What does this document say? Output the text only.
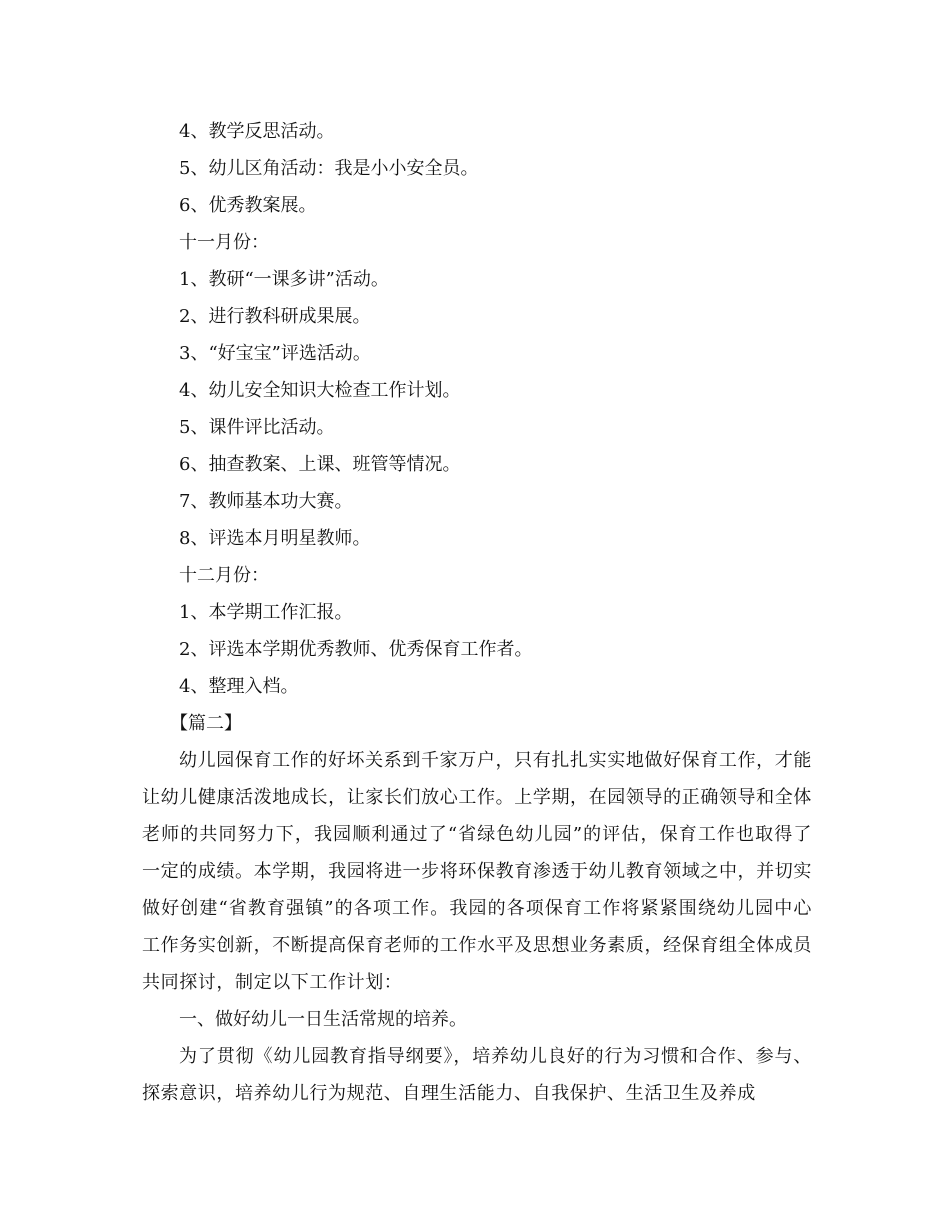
4、教学反思活动。
5、幼儿区角活动：我是小小安全员。
6、优秀教案展。
十一月份：
1、教研“一课多讲”活动。
2、进行教科研成果展。
3、“好宝宝”评选活动。
4、幼儿安全知识大检查工作计划。
5、课件评比活动。
6、抽查教案、上课、班管等情况。
7、教师基本功大赛。
8、评选本月明星教师。
十二月份：
1、本学期工作汇报。
2、评选本学期优秀教师、优秀保育工作者。
4、整理入档。
【篇二】

幼儿园保育工作的好坏关系到千家万户，只有扎扎实实地做好保育工作，才能让幼儿健康活泼地成长，让家长们放心工作。上学期，在园领导的正确领导和全体老师的共同努力下，我园顺利通过了“省绿色幼儿园”的评估，保育工作也取得了一定的成绩。本学期，我园将进一步将环保教育渗透于幼儿教育领域之中，并切实做好创建“省教育强镇”的各项工作。我园的各项保育工作将紧紧围绕幼儿园中心工作务实创新，不断提高保育老师的工作水平及思想业务素质，经保育组全体成员共同探讨，制定以下工作计划：

一、做好幼儿一日生活常规的培养。

为了贯彻《幼儿园教育指导纲要》，培养幼儿良好的行为习惯和合作、参与、探索意识，培养幼儿行为规范、自理生活能力、自我保护、生活卫生及养成
